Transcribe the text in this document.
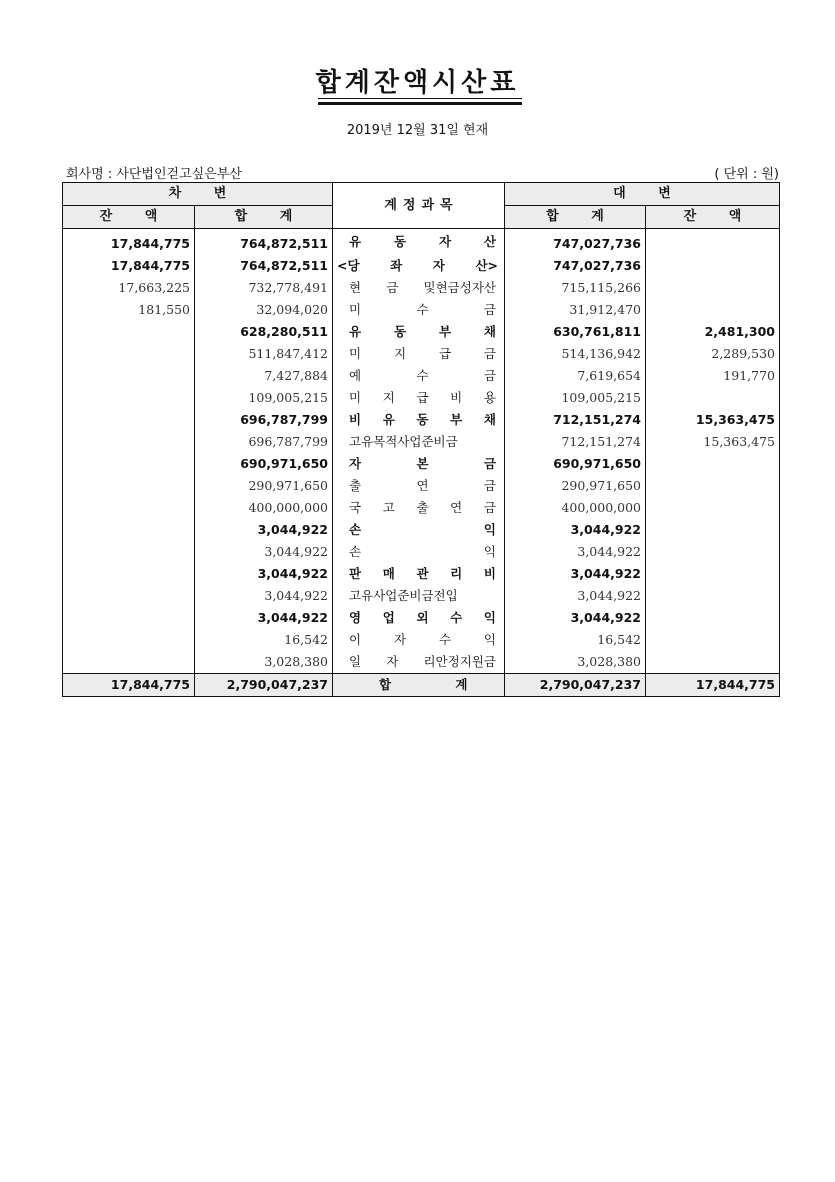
합계잔액시산표
2019년 12월 31일 현재
회사명 : 사단법인걷고싶은부산	( 단위 : 원)
차 변		계정과목	대 변	
잔 액	합 계		합 계	잔 액
17,844,775	764,872,511	유 동 자 산	747,027,736	
17,844,775	764,872,511	<당 좌 자 산>	747,027,736	
17,663,225	732,778,491	현 금 및현금성자산	715,115,266	
181,550	32,094,020	미 수 금	31,912,470	
	628,280,511	유 동 부 채	630,761,811	2,481,300
	511,847,412	미 지 급 금	514,136,942	2,289,530
	7,427,884	예 수 금	7,619,654	191,770
	109,005,215	미 지 급 비 용	109,005,215	
	696,787,799	비 유 동 부 채	712,151,274	15,363,475
	696,787,799	고유목적사업준비금	712,151,274	15,363,475
	690,971,650	자 본 금	690,971,650	
	290,971,650	출 연 금	290,971,650	
	400,000,000	국 고 출 연 금	400,000,000	
	3,044,922	손 익	3,044,922	
	3,044,922	손 익	3,044,922	
	3,044,922	판 매 관 리 비	3,044,922	
	3,044,922	고유사업준비금전입	3,044,922	
	3,044,922	영 업 외 수 익	3,044,922	
	16,542	이 자 수 익	16,542	
	3,028,380	일 자 리안정지원금	3,028,380	
17,844,775	2,790,047,237	합 계	2,790,047,237	17,844,775
